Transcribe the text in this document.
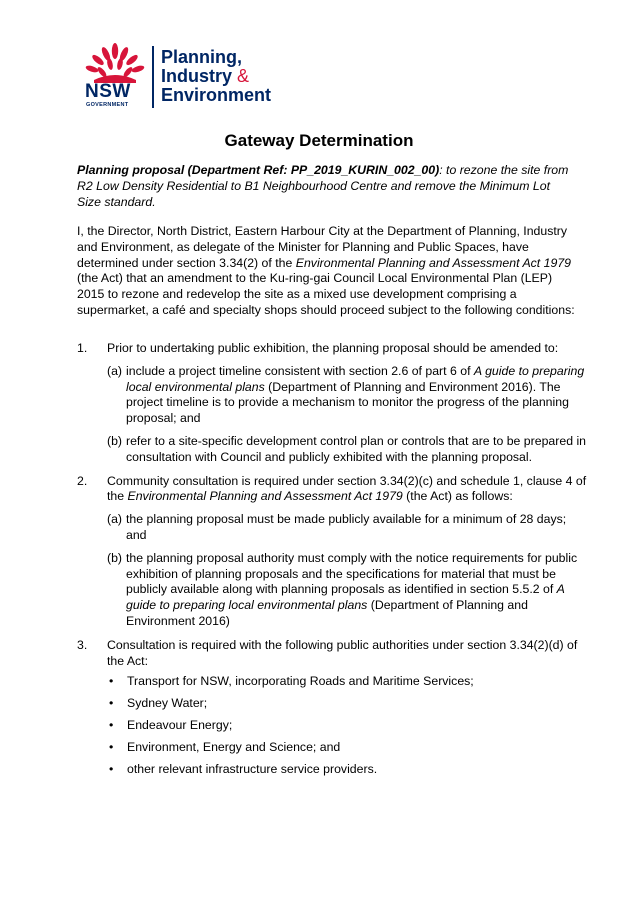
NSW
GOVERNMENT
Planning,
Industry &
Environment
Gateway Determination

Planning proposal (Department Ref: PP_2019_KURIN_002_00): to rezone the site from R2 Low Density Residential to B1 Neighbourhood Centre and remove the Minimum Lot Size standard.

I, the Director, North District, Eastern Harbour City at the Department of Planning, Industry and Environment, as delegate of the Minister for Planning and Public Spaces, have determined under section 3.34(2) of the Environmental Planning and Assessment Act 1979 (the Act) that an amendment to the Ku-ring-gai Council Local Environmental Plan (LEP) 2015 to rezone and redevelop the site as a mixed use development comprising a supermarket, a café and specialty shops should proceed subject to the following conditions:

1. Prior to undertaking public exhibition, the planning proposal should be amended to:

(a) include a project timeline consistent with section 2.6 of part 6 of A guide to preparing local environmental plans (Department of Planning and Environment 2016). The project timeline is to provide a mechanism to monitor the progress of the planning proposal; and

(b) refer to a site-specific development control plan or controls that are to be prepared in consultation with Council and publicly exhibited with the planning proposal.

2. Community consultation is required under section 3.34(2)(c) and schedule 1, clause 4 of the Environmental Planning and Assessment Act 1979 (the Act) as follows:

(a) the planning proposal must be made publicly available for a minimum of 28 days; and

(b) the planning proposal authority must comply with the notice requirements for public exhibition of planning proposals and the specifications for material that must be publicly available along with planning proposals as identified in section 5.5.2 of A guide to preparing local environmental plans (Department of Planning and Environment 2016)

3. Consultation is required with the following public authorities under section 3.34(2)(d) of the Act:

• Transport for NSW, incorporating Roads and Maritime Services;
• Sydney Water;
• Endeavour Energy;
• Environment, Energy and Science; and
• other relevant infrastructure service providers.
